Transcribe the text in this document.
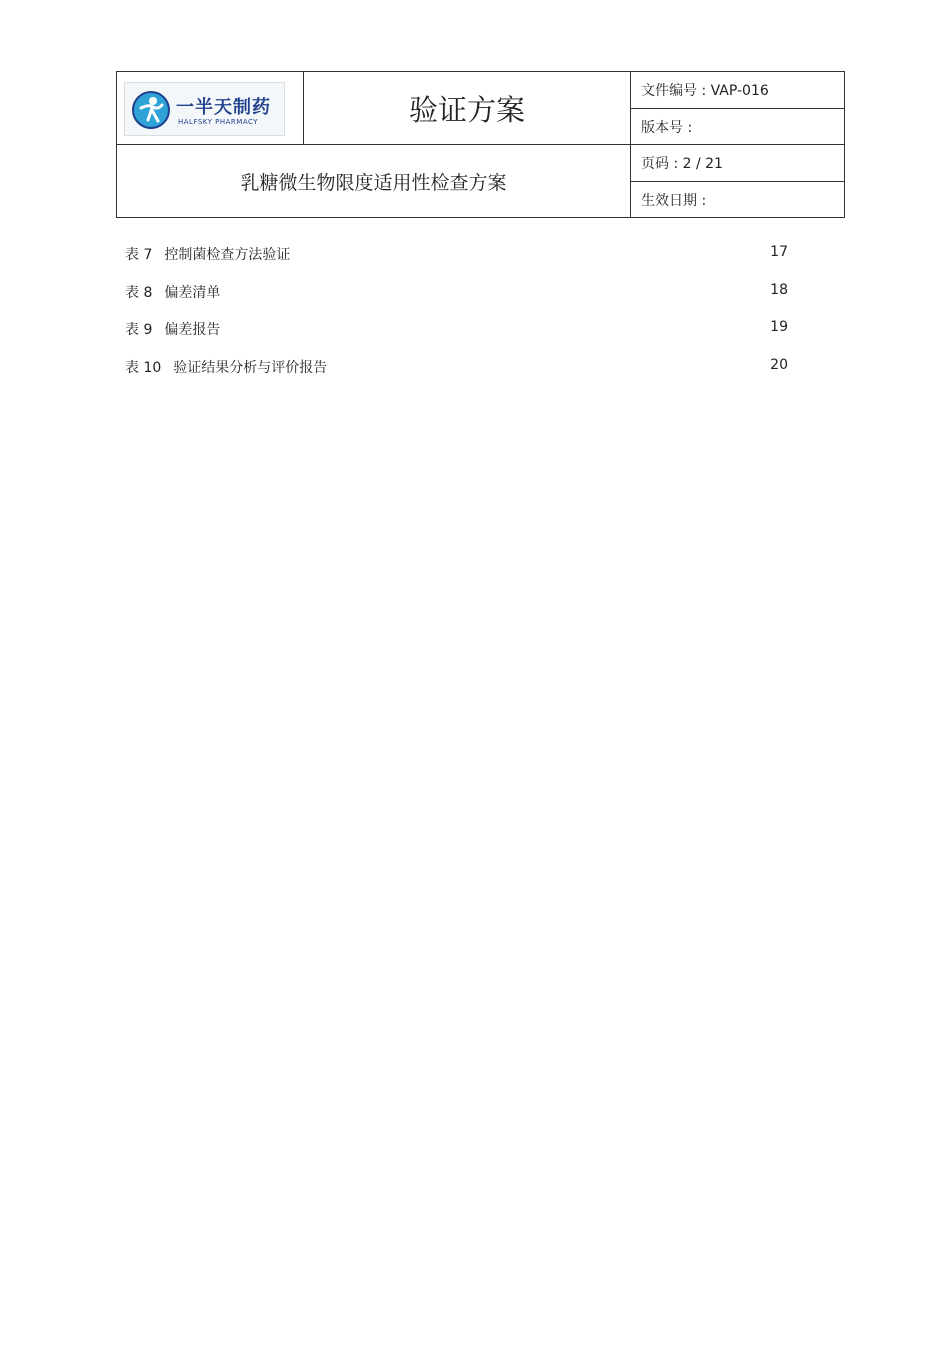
一半天制药
HALFSKY PHARMACY	验证方案
乳糖微生物限度适用性检查方案
文件编号 : VAP-016
版本号 :
页码 : 2 / 21
生效日期 :
表 7 控制菌检查方法验证	17
表 8 偏差清单	18
表 9 偏差报告	19
表 10 验证结果分析与评价报告	20
